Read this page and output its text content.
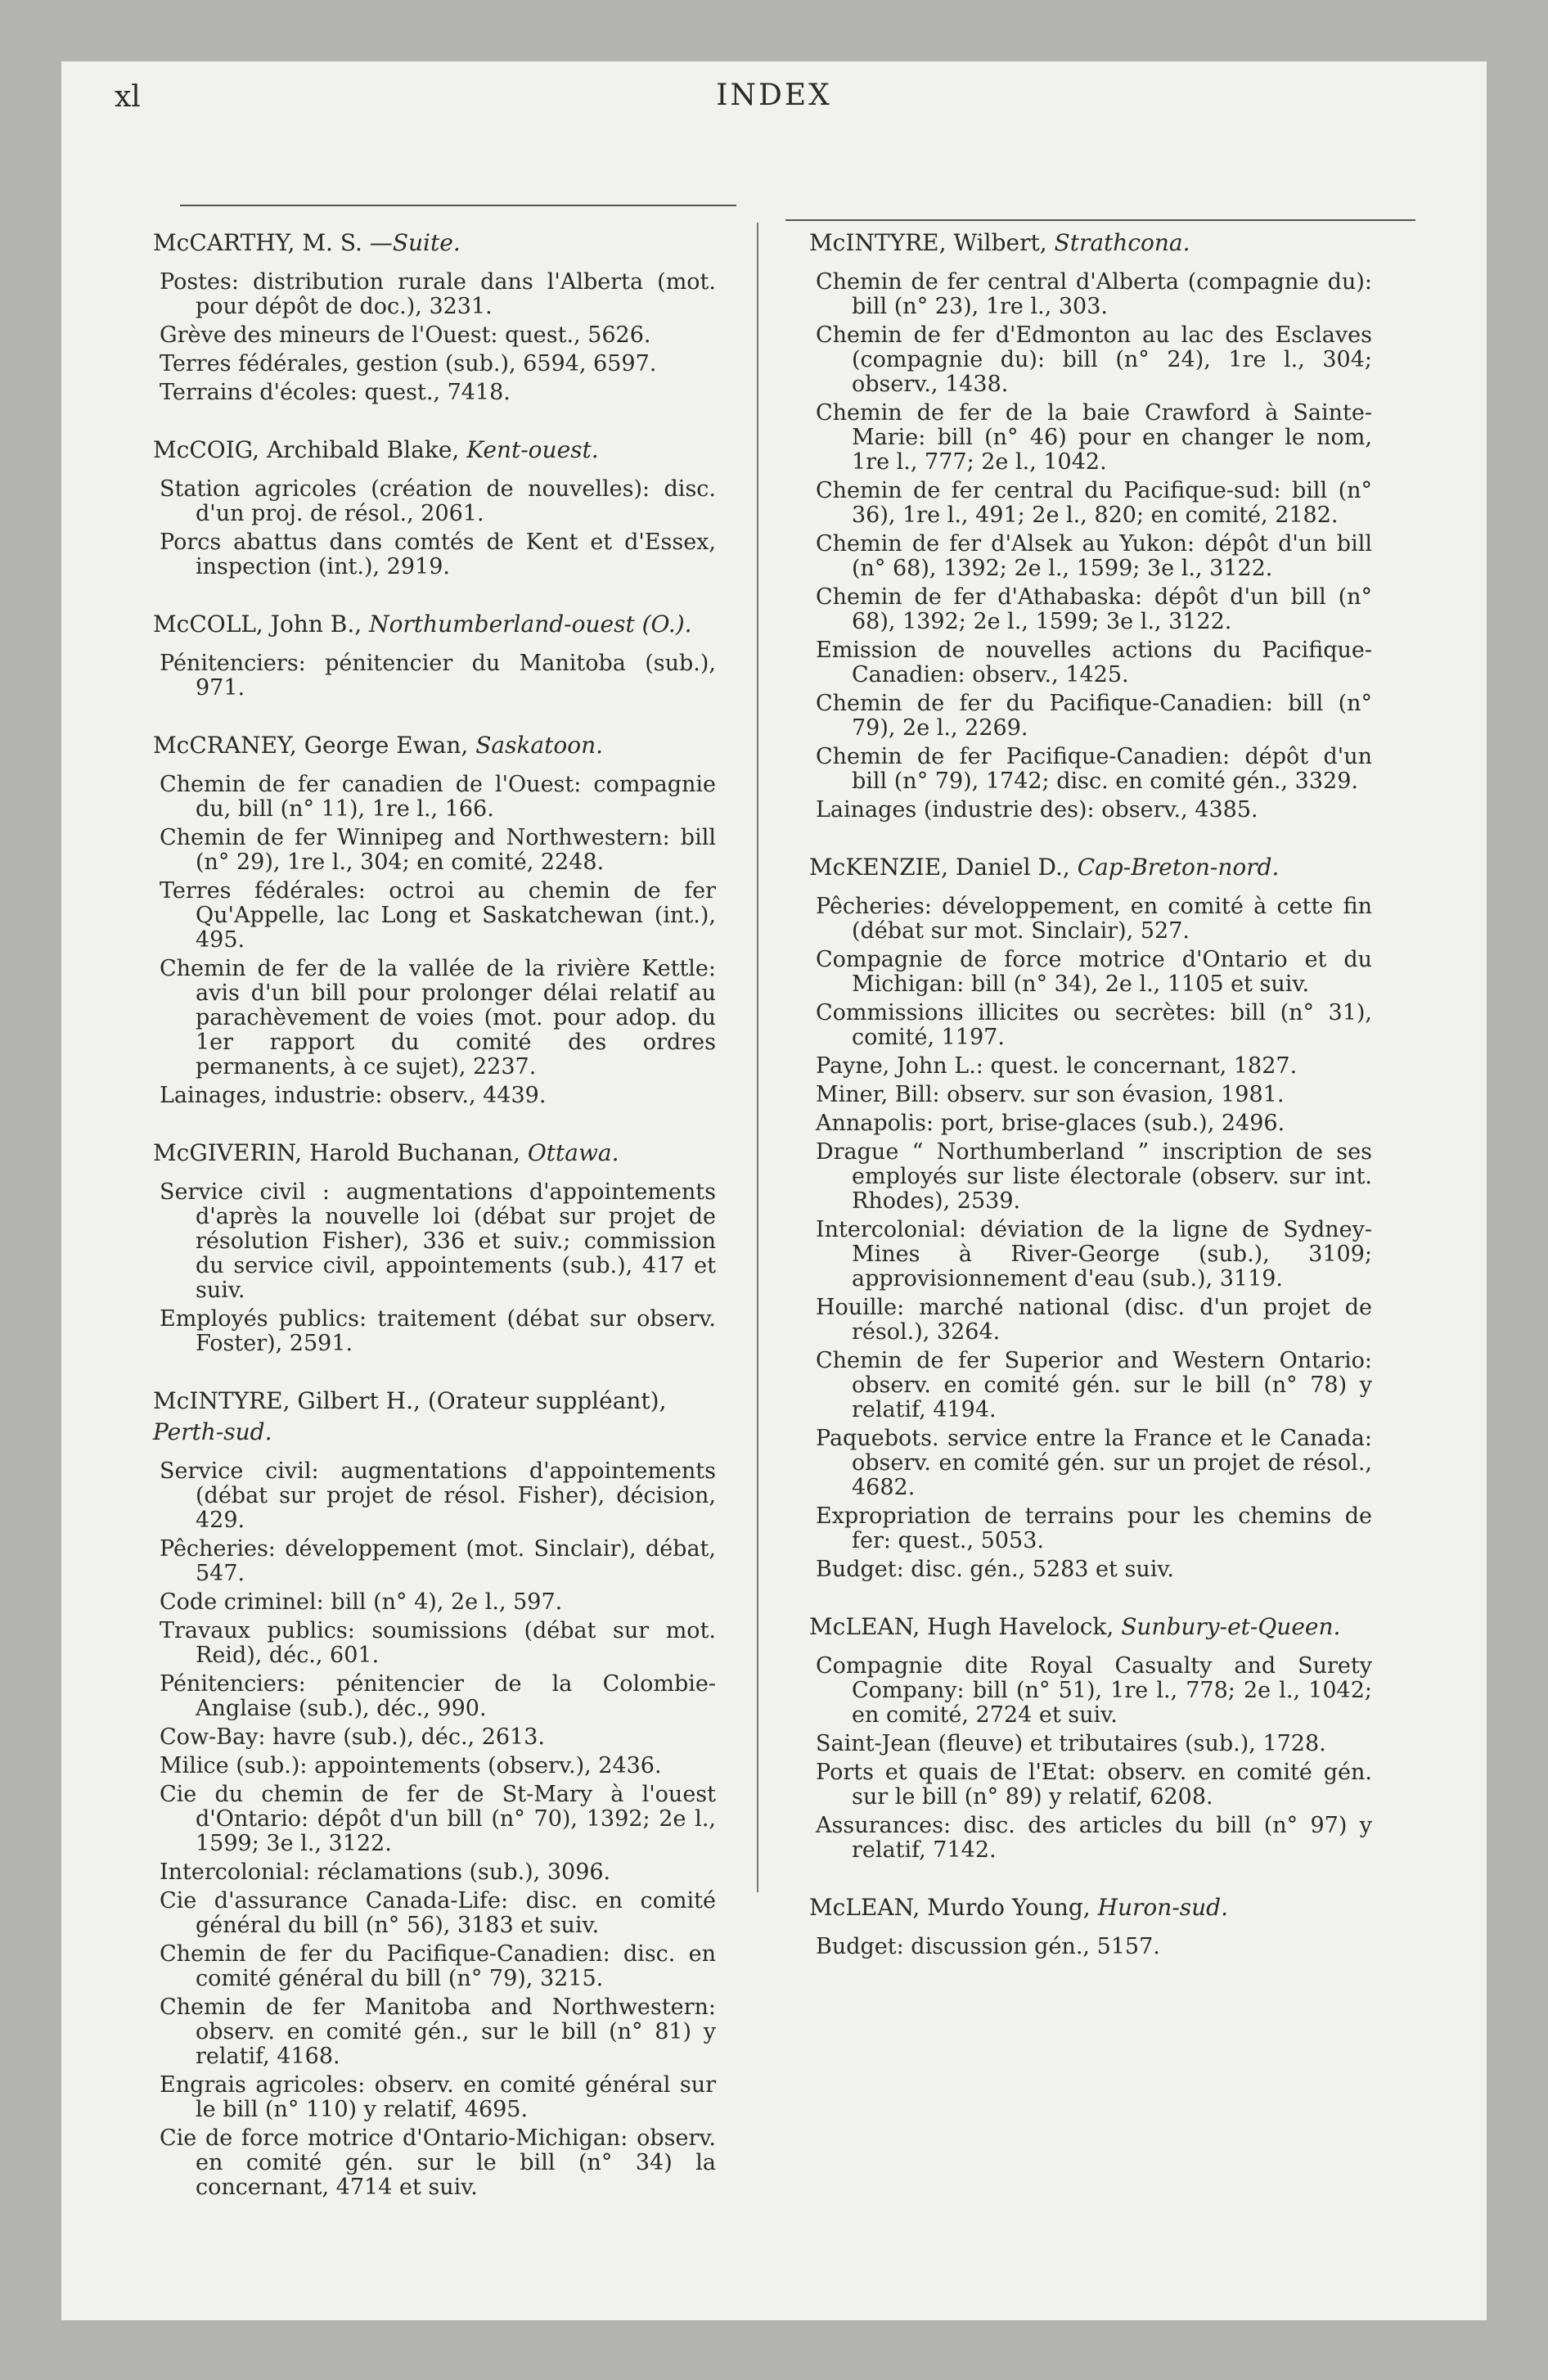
xl	INDEX
McCARTHY, M. S. —Suite.

Postes: distribution rurale dans l'Alberta (mot. pour dépôt de doc.), 3231.

Grève des mineurs de l'Ouest: quest., 5626.

Terres fédérales, gestion (sub.), 6594, 6597.

Terrains d'écoles: quest., 7418.

McCOIG, Archibald Blake, Kent-ouest.

Station agricoles (création de nouvelles): disc. d'un proj. de résol., 2061.

Porcs abattus dans comtés de Kent et d'Essex, inspection (int.), 2919.

McCOLL, John B., Northumberland-ouest (O.).

Pénitenciers: pénitencier du Manitoba (sub.), 971.

McCRANEY, George Ewan, Saskatoon.

Chemin de fer canadien de l'Ouest: compagnie du, bill (n° 11), 1re l., 166.

Chemin de fer Winnipeg and Northwestern: bill (n° 29), 1re l., 304; en comité, 2248.

Terres fédérales: octroi au chemin de fer Qu'Appelle, lac Long et Saskatchewan (int.), 495.

Chemin de fer de la vallée de la rivière Kettle: avis d'un bill pour prolonger délai relatif au parachèvement de voies (mot. pour adop. du 1er rapport du comité des ordres permanents, à ce sujet), 2237.

Lainages, industrie: observ., 4439.

McGIVERIN, Harold Buchanan, Ottawa.

Service civil : augmentations d'appointements d'après la nouvelle loi (débat sur projet de résolution Fisher), 336 et suiv.; commission du service civil, appointements (sub.), 417 et suiv.

Employés publics: traitement (débat sur observ. Foster), 2591.

McINTYRE, Gilbert H., (Orateur suppléant), Perth-sud.

Service civil: augmentations d'appointements (débat sur projet de résol. Fisher), décision, 429.

Pêcheries: développement (mot. Sinclair), débat, 547.

Code criminel: bill (n° 4), 2e l., 597.

Travaux publics: soumissions (débat sur mot. Reid), déc., 601.

Pénitenciers: pénitencier de la Colombie-Anglaise (sub.), déc., 990.

Cow-Bay: havre (sub.), déc., 2613.

Milice (sub.): appointements (observ.), 2436.

Cie du chemin de fer de St-Mary à l'ouest d'Ontario: dépôt d'un bill (n° 70), 1392; 2e l., 1599; 3e l., 3122.

Intercolonial: réclamations (sub.), 3096.

Cie d'assurance Canada-Life: disc. en comité général du bill (n° 56), 3183 et suiv.

Chemin de fer du Pacifique-Canadien: disc. en comité général du bill (n° 79), 3215.

Chemin de fer Manitoba and Northwestern: observ. en comité gén., sur le bill (n° 81) y relatif, 4168.

Engrais agricoles: observ. en comité général sur le bill (n° 110) y relatif, 4695.

Cie de force motrice d'Ontario-Michigan: observ. en comité gén. sur le bill (n° 34) la concernant, 4714 et suiv.

McINTYRE, Wilbert, Strathcona.

Chemin de fer central d'Alberta (compagnie du): bill (n° 23), 1re l., 303.

Chemin de fer d'Edmonton au lac des Esclaves (compagnie du): bill (n° 24), 1re l., 304; observ., 1438.

Chemin de fer de la baie Crawford à Sainte-Marie: bill (n° 46) pour en changer le nom, 1re l., 777; 2e l., 1042.

Chemin de fer central du Pacifique-sud: bill (n° 36), 1re l., 491; 2e l., 820; en comité, 2182.

Chemin de fer d'Alsek au Yukon: dépôt d'un bill (n° 68), 1392; 2e l., 1599; 3e l., 3122.

Chemin de fer d'Athabaska: dépôt d'un bill (n° 68), 1392; 2e l., 1599; 3e l., 3122.

Emission de nouvelles actions du Pacifique-Canadien: observ., 1425.

Chemin de fer du Pacifique-Canadien: bill (n° 79), 2e l., 2269.

Chemin de fer Pacifique-Canadien: dépôt d'un bill (n° 79), 1742; disc. en comité gén., 3329.

Lainages (industrie des): observ., 4385.

McKENZIE, Daniel D., Cap-Breton-nord.

Pêcheries: développement, en comité à cette fin (débat sur mot. Sinclair), 527.

Compagnie de force motrice d'Ontario et du Michigan: bill (n° 34), 2e l., 1105 et suiv.

Commissions illicites ou secrètes: bill (n° 31), comité, 1197.

Payne, John L.: quest. le concernant, 1827.

Miner, Bill: observ. sur son évasion, 1981.

Annapolis: port, brise-glaces (sub.), 2496.

Drague “ Northumberland ” inscription de ses employés sur liste électorale (observ. sur int. Rhodes), 2539.

Intercolonial: déviation de la ligne de Sydney-Mines à River-George (sub.), 3109; approvisionnement d'eau (sub.), 3119.

Houille: marché national (disc. d'un projet de résol.), 3264.

Chemin de fer Superior and Western Ontario: observ. en comité gén. sur le bill (n° 78) y relatif, 4194.

Paquebots. service entre la France et le Canada: observ. en comité gén. sur un projet de résol., 4682.

Expropriation de terrains pour les chemins de fer: quest., 5053.

Budget: disc. gén., 5283 et suiv.

McLEAN, Hugh Havelock, Sunbury-et-Queen.

Compagnie dite Royal Casualty and Surety Company: bill (n° 51), 1re l., 778; 2e l., 1042; en comité, 2724 et suiv.

Saint-Jean (fleuve) et tributaires (sub.), 1728.

Ports et quais de l'Etat: observ. en comité gén. sur le bill (n° 89) y relatif, 6208.

Assurances: disc. des articles du bill (n° 97) y relatif, 7142.

McLEAN, Murdo Young, Huron-sud.

Budget: discussion gén., 5157.
